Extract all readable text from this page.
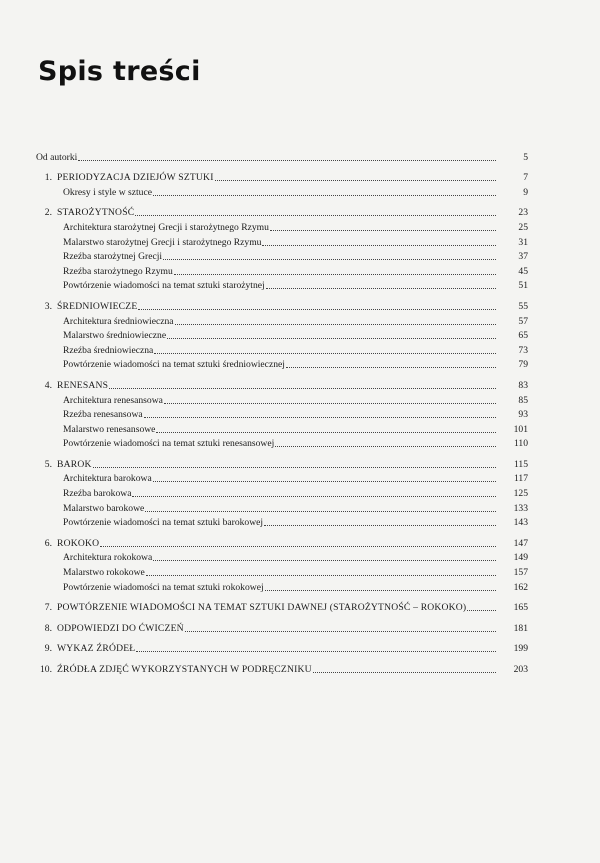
Spis treści
Od autorki	5
1. PERIODYZACJA DZIEJÓW SZTUKI	7
Okresy i style w sztuce	9
2. STAROŻYTNOŚĆ	23
Architektura starożytnej Grecji i starożytnego Rzymu	25
Malarstwo starożytnej Grecji i starożytnego Rzymu	31
Rzeźba starożytnej Grecji	37
Rzeźba starożytnego Rzymu	45
Powtórzenie wiadomości na temat sztuki starożytnej	51
3. ŚREDNIOWIECZE	55
Architektura średniowieczna	57
Malarstwo średniowieczne	65
Rzeźba średniowieczna	73
Powtórzenie wiadomości na temat sztuki średniowiecznej	79
4. RENESANS	83
Architektura renesansowa	85
Rzeźba renesansowa	93
Malarstwo renesansowe	101
Powtórzenie wiadomości na temat sztuki renesansowej	110
5. BAROK	115
Architektura barokowa	117
Rzeźba barokowa	125
Malarstwo barokowe	133
Powtórzenie wiadomości na temat sztuki barokowej	143
6. ROKOKO	147
Architektura rokokowa	149
Malarstwo rokokowe	157
Powtórzenie wiadomości na temat sztuki rokokowej	162
7. POWTÓRZENIE WIADOMOŚCI NA TEMAT SZTUKI DAWNEJ (STAROŻYTNOŚĆ – ROKOKO)	165
8. ODPOWIEDZI DO ĆWICZEŃ	181
9. WYKAZ ŹRÓDEŁ	199
10. ŹRÓDŁA ZDJĘĆ WYKORZYSTANYCH W PODRĘCZNIKU	203
